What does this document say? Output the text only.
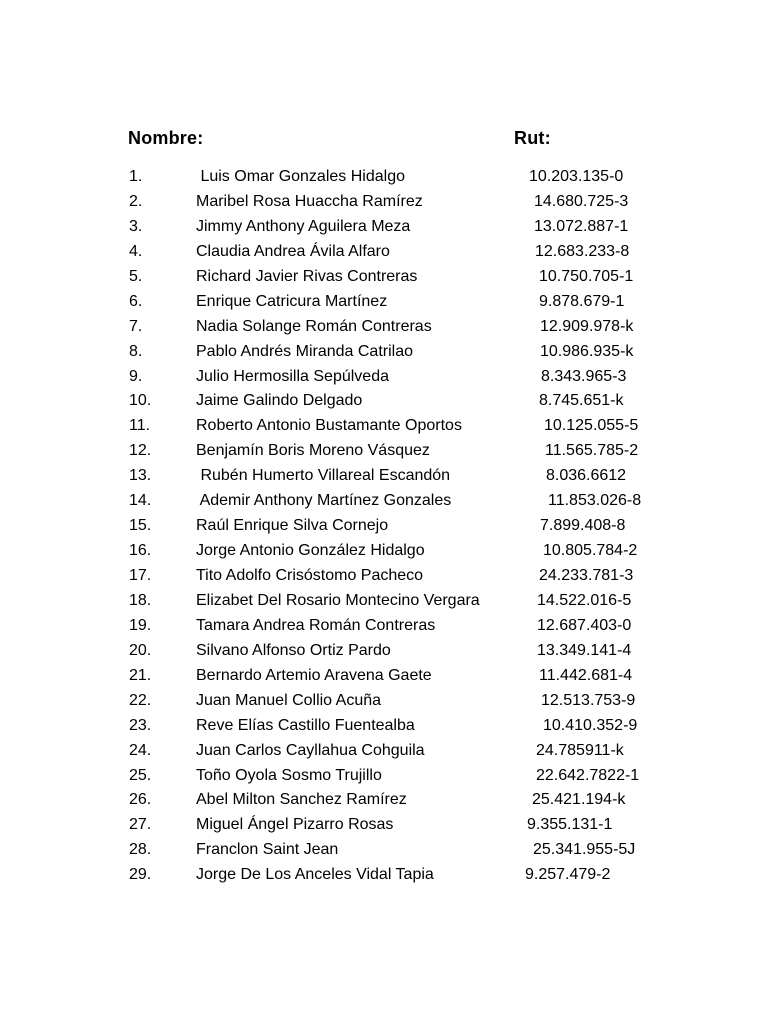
Nombre:	Rut:
1.	Luis Omar Gonzales Hidalgo	10.203.135-0
2.	Maribel Rosa Huaccha Ramírez	14.680.725-3
3.	Jimmy Anthony Aguilera Meza	13.072.887-1
4.	Claudia Andrea Ávila Alfaro	12.683.233-8
5.	Richard Javier Rivas Contreras	10.750.705-1
6.	Enrique Catricura Martínez	9.878.679-1
7.	Nadia Solange Román Contreras	12.909.978-k
8.	Pablo Andrés Miranda Catrilao	10.986.935-k
9.	Julio Hermosilla Sepúlveda	8.343.965-3
10.	Jaime Galindo Delgado	8.745.651-k
11.	Roberto Antonio Bustamante Oportos	10.125.055-5
12.	Benjamín Boris Moreno Vásquez	11.565.785-2
13.	Rubén Humerto Villareal Escandón	8.036.6612
14.	Ademir Anthony Martínez Gonzales	11.853.026-8
15.	Raúl Enrique Silva Cornejo	7.899.408-8
16.	Jorge Antonio González Hidalgo	10.805.784-2
17.	Tito Adolfo Crisóstomo Pacheco	24.233.781-3
18.	Elizabet Del Rosario Montecino Vergara	14.522.016-5
19.	Tamara Andrea Román Contreras	12.687.403-0
20.	Silvano Alfonso Ortiz Pardo	13.349.141-4
21.	Bernardo Artemio Aravena Gaete	11.442.681-4
22.	Juan Manuel Collio Acuña	12.513.753-9
23.	Reve Elías Castillo Fuentealba	10.410.352-9
24.	Juan Carlos Cayllahua Cohguila	24.785911-k
25.	Toño Oyola Sosmo Trujillo	22.642.7822-1
26.	Abel Milton Sanchez Ramírez	25.421.194-k
27.	Miguel Ángel Pizarro Rosas	9.355.131-1
28.	Franclon Saint Jean	25.341.955-5J
29.	Jorge De Los Anceles Vidal Tapia	9.257.479-2
